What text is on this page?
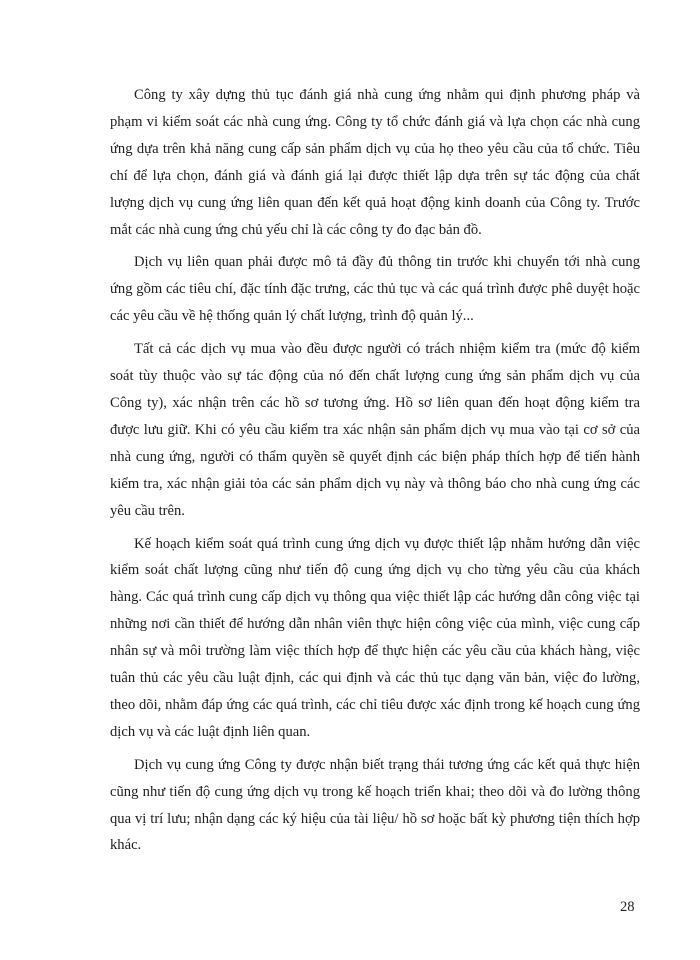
Công ty xây dựng thủ tục đánh giá nhà cung ứng nhằm qui định phương pháp và phạm vi kiểm soát các nhà cung ứng. Công ty tổ chức đánh giá và lựa chọn các nhà cung ứng dựa trên khả năng cung cấp sản phẩm dịch vụ của họ theo yêu cầu của tổ chức. Tiêu chí để lựa chọn, đánh giá và đánh giá lại được thiết lập dựa trên sự tác động của chất lượng dịch vụ cung ứng liên quan đến kết quả hoạt động kinh doanh của Công ty. Trước mắt các nhà cung ứng chủ yếu chỉ là các công ty đo đạc bản đồ.

Dịch vụ liên quan phải được mô tả đầy đủ thông tin trước khi chuyển tới nhà cung ứng gồm các tiêu chí, đặc tính đặc trưng, các thủ tục và các quá trình được phê duyệt hoặc các yêu cầu về hệ thống quản lý chất lượng, trình độ quản lý...

Tất cả các dịch vụ mua vào đều được người có trách nhiệm kiểm tra (mức độ kiểm soát tùy thuộc vào sự tác động của nó đến chất lượng cung ứng sản phẩm dịch vụ của Công ty), xác nhận trên các hồ sơ tương ứng. Hồ sơ liên quan đến hoạt động kiểm tra được lưu giữ. Khi có yêu cầu kiểm tra xác nhận sản phẩm dịch vụ mua vào tại cơ sở của nhà cung ứng, người có thẩm quyền sẽ quyết định các biện pháp thích hợp để tiến hành kiểm tra, xác nhận giải tỏa các sản phẩm dịch vụ này và thông báo cho nhà cung ứng các yêu cầu trên.

Kế hoạch kiểm soát quá trình cung ứng dịch vụ được thiết lập nhằm hướng dẫn việc kiểm soát chất lượng cũng như tiến độ cung ứng dịch vụ cho từng yêu cầu của khách hàng. Các quá trình cung cấp dịch vụ thông qua việc thiết lập các hướng dẫn công việc tại những nơi cần thiết để hướng dẫn nhân viên thực hiện công việc của mình, việc cung cấp nhân sự và môi trường làm việc thích hợp để thực hiện các yêu cầu của khách hàng, việc tuân thủ các yêu cầu luật định, các qui định và các thủ tục dạng văn bản, việc đo lường, theo dõi, nhằm đáp ứng các quá trình, các chỉ tiêu được xác định trong kế hoạch cung ứng dịch vụ và các luật định liên quan.

Dịch vụ cung ứng Công ty được nhận biết trạng thái tương ứng các kết quả thực hiện cũng như tiến độ cung ứng dịch vụ trong kế hoạch triển khai; theo dõi và đo lường thông qua vị trí lưu; nhận dạng các ký hiệu của tài liệu/ hồ sơ hoặc bất kỳ phương tiện thích hợp khác.

28
